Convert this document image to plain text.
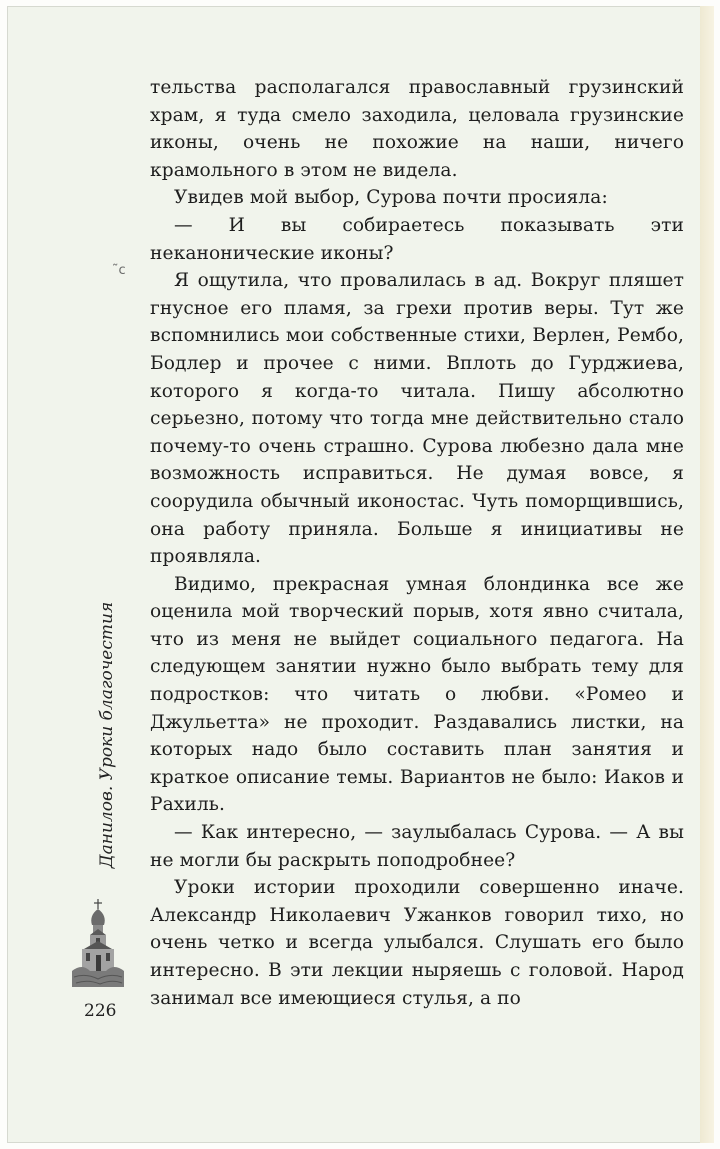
˜ϲ

тельства располагался православный грузинский храм, я туда смело заходила, целовала грузинские иконы, очень не похожие на наши, ничего крамольного в этом не видела.

Увидев мой выбор, Сурова почти просияла:

— И вы собираетесь показывать эти неканонические иконы?

Я ощутила, что провалилась в ад. Вокруг пляшет гнусное его пламя, за грехи против веры. Тут же вспомнились мои собственные стихи, Верлен, Рембо, Бодлер и прочее с ними. Вплоть до Гурджиева, которого я когда-то читала. Пишу абсолютно серьезно, потому что тогда мне действительно стало почему-то очень страшно. Сурова любезно дала мне возможность исправиться. Не думая вовсе, я соорудила обычный иконостас. Чуть поморщившись, она работу приняла. Больше я инициативы не проявляла.

Видимо, прекрасная умная блондинка все же оценила мой творческий порыв, хотя явно считала, что из меня не выйдет социального педагога. На следующем занятии нужно было выбрать тему для подростков: что читать о любви. «Ромео и Джульетта» не проходит. Раздавались листки, на которых надо было составить план занятия и краткое описание темы. Вариантов не было: Иаков и Рахиль.

— Как интересно, — заулыбалась Сурова. — А вы не могли бы раскрыть поподробнее?

Уроки истории проходили совершенно иначе. Александр Николаевич Ужанков говорил тихо, но очень четко и всегда улыбался. Слушать его было интересно. В эти лекции ныряешь с головой. Народ занимал все имеющиеся стулья, а по

Данилов. Уроки благочестия
226
